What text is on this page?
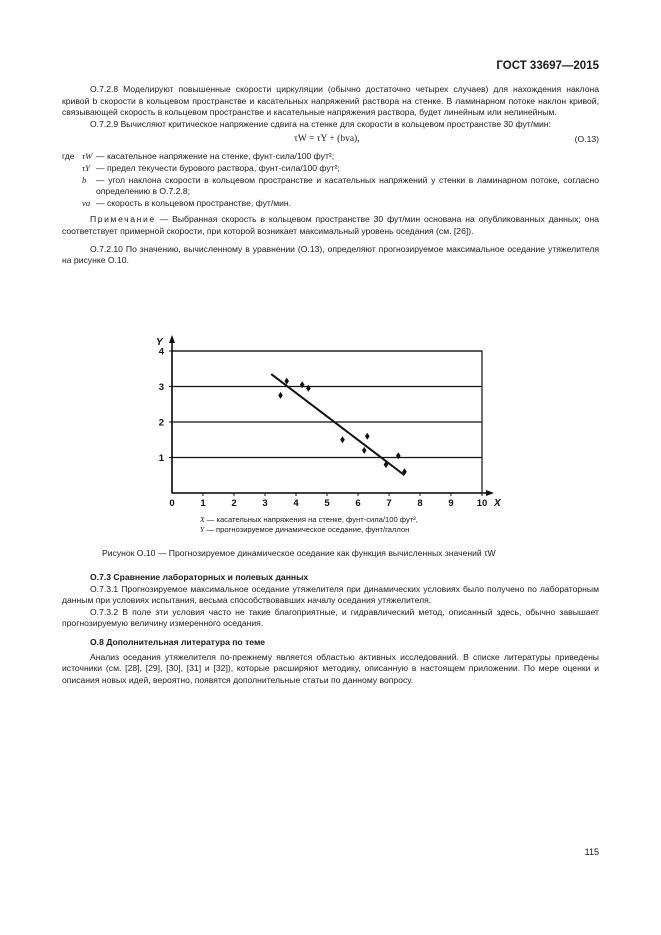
ГОСТ 33697—2015

О.7.2.8 Моделируют повышенные скорости циркуляции (обычно достаточно четырех случаев) для нахождения наклона кривой b скорости в кольцевом пространстве и касательных напряжений раствора на стенке. В ламинарном потоке наклон кривой, связывающей скорость в кольцевом пространстве и касательные напряжения раствора, будет линейным или нелинейным.

О.7.2.9 Вычисляют критическое напряжение сдвига на стенке для скорости в кольцевом пространстве 30 фут/мин:

τW = τY + (bva),	(О.13)
где τW — касательное напряжение на стенке, фунт-сила/100 фут²;
τY — предел текучести бурового раствора, фунт-сила/100 фут²;
b	— угол наклона скорости в кольцевом пространстве и касательных напряжений у стенки в ламинарном потоке, согласно определению в О.7.2.8;
va — скорость в кольцевом пространстве, фут/мин.

Примечание — Выбранная скорость в кольцевом пространстве 30 фут/мин основана на опубликованных данных; она соответствует примерной скорости, при которой возникает максимальный уровень оседания (см. [26]).

О.7.2.10 По значению, вычисленному в уравнении (О.13), определяют прогнозируемое максимальное оседание утяжелителя на рисунке О.10.

0	1	2	3	4	5	6	7	8	9 10
1
2
3
4
X
Y
X — касательных напряжения на стенке, фунт-сила/100 фут²,
Y — прогнозируемое динамическое оседание, фунт/галлон
Рисунок О.10 — Прогнозируемое динамическое оседание как функция вычисленных значений τW

О.7.3 Сравнение лабораторных и полевых данных

О.7.3.1 Прогнозируемое максимальное оседание утяжелителя при динамических условиях было получено по лабораторным данным при условиях испытания, весьма способствовавших началу оседания утяжелителя.

О.7.3.2 В поле эти условия часто не такие благоприятные, и гидравлический метод, описанный здесь, обычно завышает прогнозируемую величину измеренного оседания.

О.8 Дополнительная литература по теме

Анализ оседания утяжелителя по-прежнему является областью активных исследований. В списке литературы приведены источники (см. [28], [29], [30], [31] и [32]), которые расширяют методику, описанную в настоящем приложении. По мере оценки и описания новых идей, вероятно, появятся дополнительные статьи по данному вопросу.

115
